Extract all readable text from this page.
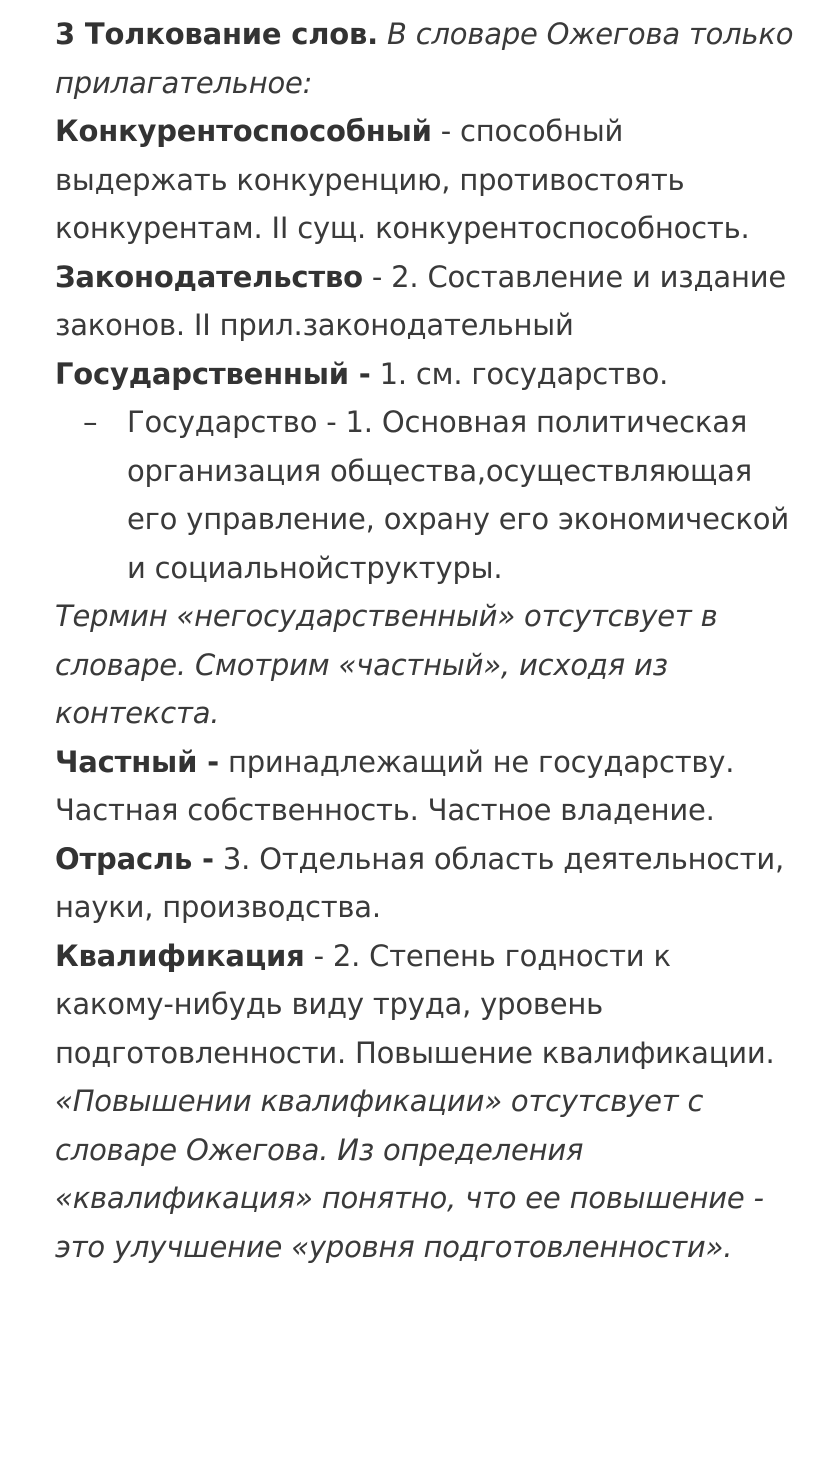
3 Толкование слов. В словаре Ожегова только прилагательное:

Конкурентоспособный - способный выдержать конкуренцию, противостоять конкурентам. ІІ сущ. конкурентоспособность.

Законодательство - 2. Составление и издание законов. ІІ прил.законодательный

Государственный - 1. см. государство.

–	Государство - 1. Основная политическая организация общества,осуществляющая его управление, охрану его экономической и социальнойструктуры.

Термин «негосударственный» отсутсвует в словаре. Смотрим «частный», исходя из контекста.

Частный - принадлежащий не государству. Частная собственность. Частное владение.

Отрасль - 3. Отдельная область деятельности, науки, производства.

Квалификация - 2. Степень годности к какому-нибудь виду труда, уровень подготовленности. Повышение квалификации.

«Повышении квалификации» отсутсвует с словаре Ожегова. Из определения «квалификация» понятно, что ее повышение - это улучшение «уровня подготовленности».
